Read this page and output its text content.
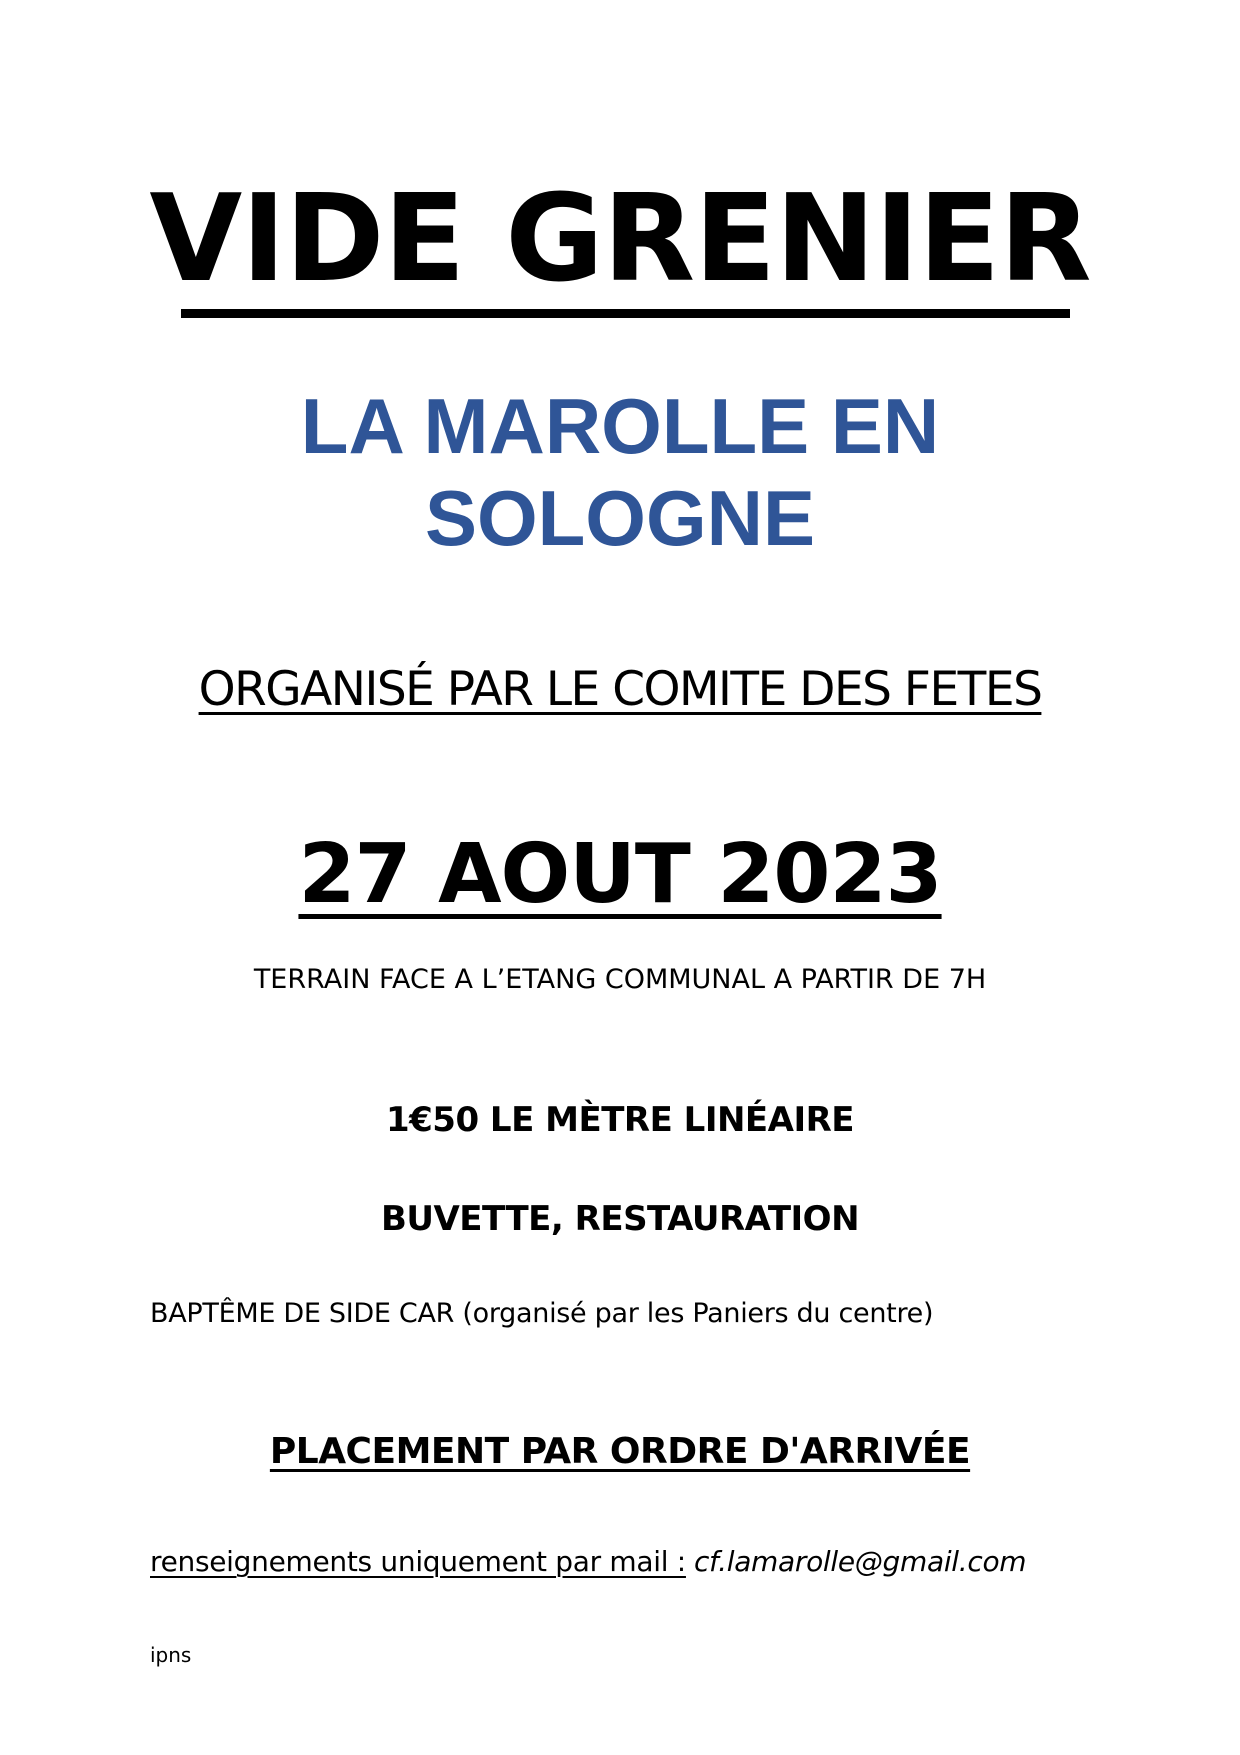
VIDE GRENIER
LA MAROLLE EN SOLOGNE
ORGANISÉ PAR LE COMITE DES FETES
27 AOUT 2023
TERRAIN FACE A L’ETANG COMMUNAL A PARTIR DE 7H
1€50 LE MÈTRE LINÉAIRE
BUVETTE, RESTAURATION
BAPTÊME DE SIDE CAR (organisé par les Paniers du centre)
PLACEMENT PAR ORDRE D'ARRIVÉE
renseignements uniquement par mail : cf.lamarolle@gmail.com
ipns
